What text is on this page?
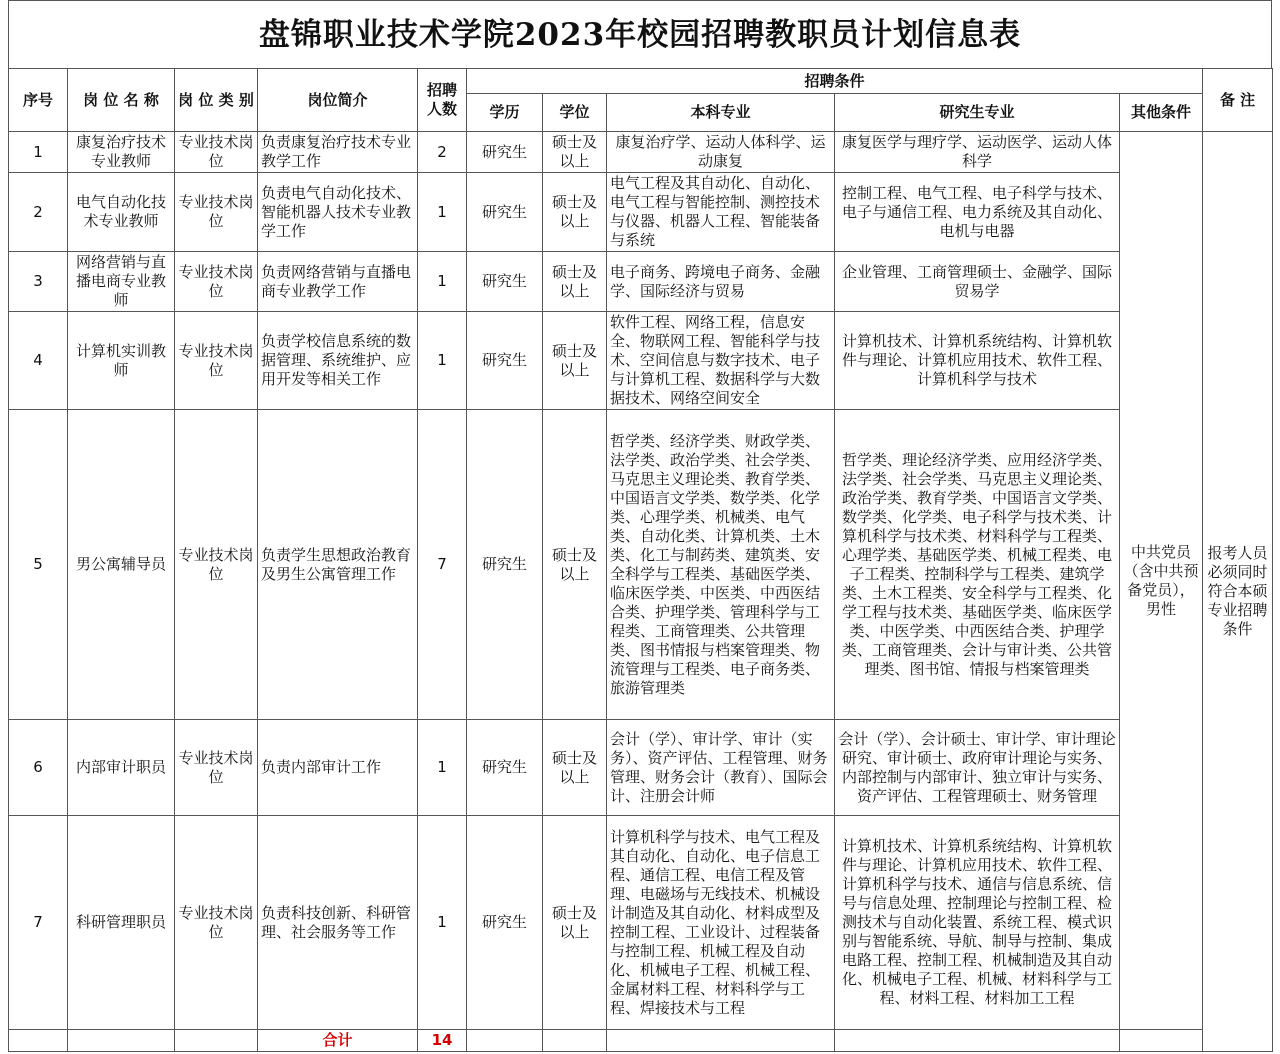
盘锦职业技术学院2023年校园招聘教职员计划信息表
序号	岗 位 名 称	岗 位 类 别	岗位简介	招聘人数	招聘条件					备 注
					学历	学位	本科专业	研究生专业	其他条件	
1	康复治疗技术专业教师	专业技术岗位	负责康复治疗技术专业教学工作	2	研究生	硕士及以上	康复治疗学、运动人体科学、运动康复	康复医学与理疗学、运动医学、运动人体科学	中共党员（含中共预备党员），男性	报考人员必须同时符合本硕专业招聘条件
2	电气自动化技术专业教师	专业技术岗位	负责电气自动化技术、智能机器人技术专业教学工作	1	研究生	硕士及以上	电气工程及其自动化、自动化、电气工程与智能控制、测控技术与仪器、机器人工程、智能装备与系统	控制工程、电气工程、电子科学与技术、电子与通信工程、电力系统及其自动化、电机与电器		
3	网络营销与直播电商专业教师	专业技术岗位	负责网络营销与直播电商专业教学工作	1	研究生	硕士及以上	电子商务、跨境电子商务、金融学、国际经济与贸易	企业管理、工商管理硕士、金融学、国际贸易学		
4	计算机实训教师	专业技术岗位	负责学校信息系统的数据管理、系统维护、应用开发等相关工作	1	研究生	硕士及以上	软件工程、网络工程，信息安全、物联网工程、智能科学与技术、空间信息与数字技术、电子与计算机工程、数据科学与大数据技术、网络空间安全	计算机技术、计算机系统结构、计算机软件与理论、计算机应用技术、软件工程、计算机科学与技术		
5	男公寓辅导员	专业技术岗位	负责学生思想政治教育及男生公寓管理工作	7	研究生	硕士及以上	哲学类、经济学类、财政学类、法学类、政治学类、社会学类、马克思主义理论类、教育学类、中国语言文学类、数学类、化学类、心理学类、机械类、电气类、自动化类、计算机类、土木类、化工与制药类、建筑类、安全科学与工程类、基础医学类、临床医学类、中医类、中西医结合类、护理学类、管理科学与工程类、工商管理类、公共管理类、图书情报与档案管理类、物流管理与工程类、电子商务类、旅游管理类	哲学类、理论经济学类、应用经济学类、法学类、社会学类、马克思主义理论类、政治学类、教育学类、中国语言文学类、数学类、化学类、电子科学与技术类、计算机科学与技术类、材料科学与工程类、心理学类、基础医学类、机械工程类、电子工程类、控制科学与工程类、建筑学类、土木工程类、安全科学与工程类、化学工程与技术类、基础医学类、临床医学类、中医学类、中西医结合类、护理学类、工商管理类、会计与审计类、公共管理类、图书馆、情报与档案管理类		
6	内部审计职员	专业技术岗位	负责内部审计工作	1	研究生	硕士及以上	会计（学）、审计学、审计（实务）、资产评估、工程管理、财务管理、财务会计（教育）、国际会计、注册会计师	会计（学）、会计硕士、审计学、审计理论研究、审计硕士、政府审计理论与实务、内部控制与内部审计、独立审计与实务、资产评估、工程管理硕士、财务管理		
7	科研管理职员	专业技术岗位	负责科技创新、科研管理、社会服务等工作	1	研究生	硕士及以上	计算机科学与技术、电气工程及其自动化、自动化、电子信息工程、通信工程、电信工程及管理、电磁场与无线技术、机械设计制造及其自动化、材料成型及控制工程、工业设计、过程装备与控制工程、机械工程及自动化、机械电子工程、机械工程、金属材料工程、材料科学与工程、焊接技术与工程	计算机技术、计算机系统结构、计算机软件与理论、计算机应用技术、软件工程、计算机科学与技术、通信与信息系统、信号与信息处理、控制理论与控制工程、检测技术与自动化装置、系统工程、模式识别与智能系统、导航、制导与控制、集成电路工程、控制工程、机械制造及其自动化、机械电子工程、机械、材料科学与工程、材料工程、材料加工工程		
			合计	14						
